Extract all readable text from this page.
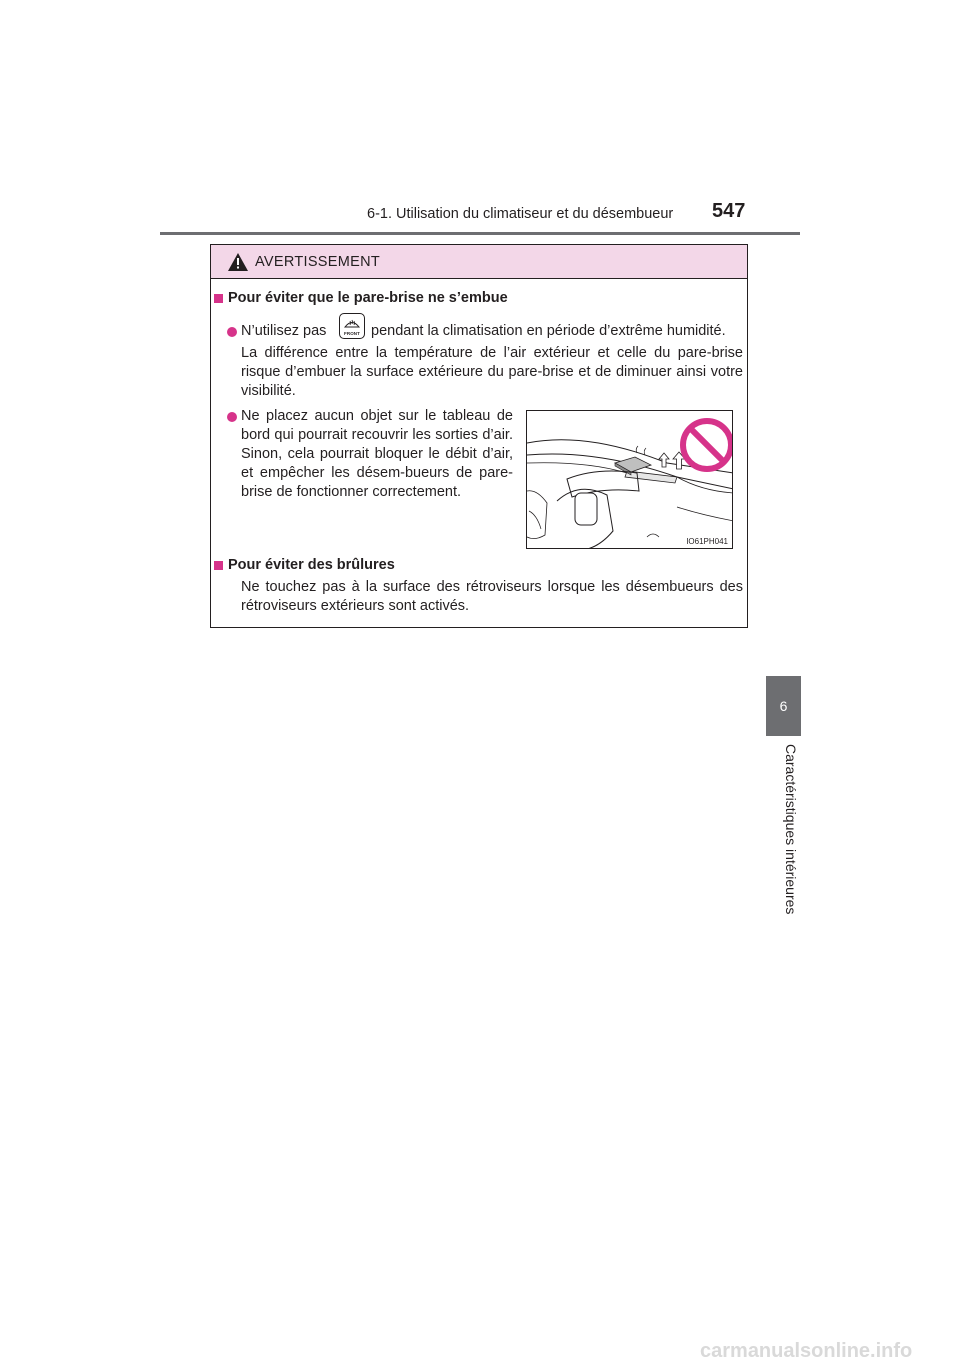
6-1. Utilisation du climatiseur et du désembueur 547
6
Caractéristiques intérieures
AVERTISSEMENT
Pour éviter que le pare-brise ne s’embue
N’utilisez pas	FRONT pendant la climatisation en période d’extrême humidité.
La différence entre la température de l’air extérieur et celle du pare-brise risque d’embuer la surface extérieure du pare-brise et de diminuer ainsi votre visibilité.
Ne placez aucun objet sur le tableau de bord qui pourrait recouvrir les sorties d’air. Sinon, cela pourrait bloquer le débit d’air, et empêcher les désem-bueurs de pare-brise de fonctionner correctement.
IO61PH041
Pour éviter des brûlures
Ne touchez pas à la surface des rétroviseurs lorsque les désembueurs des rétroviseurs extérieurs sont activés.
carmanualsonline.info
